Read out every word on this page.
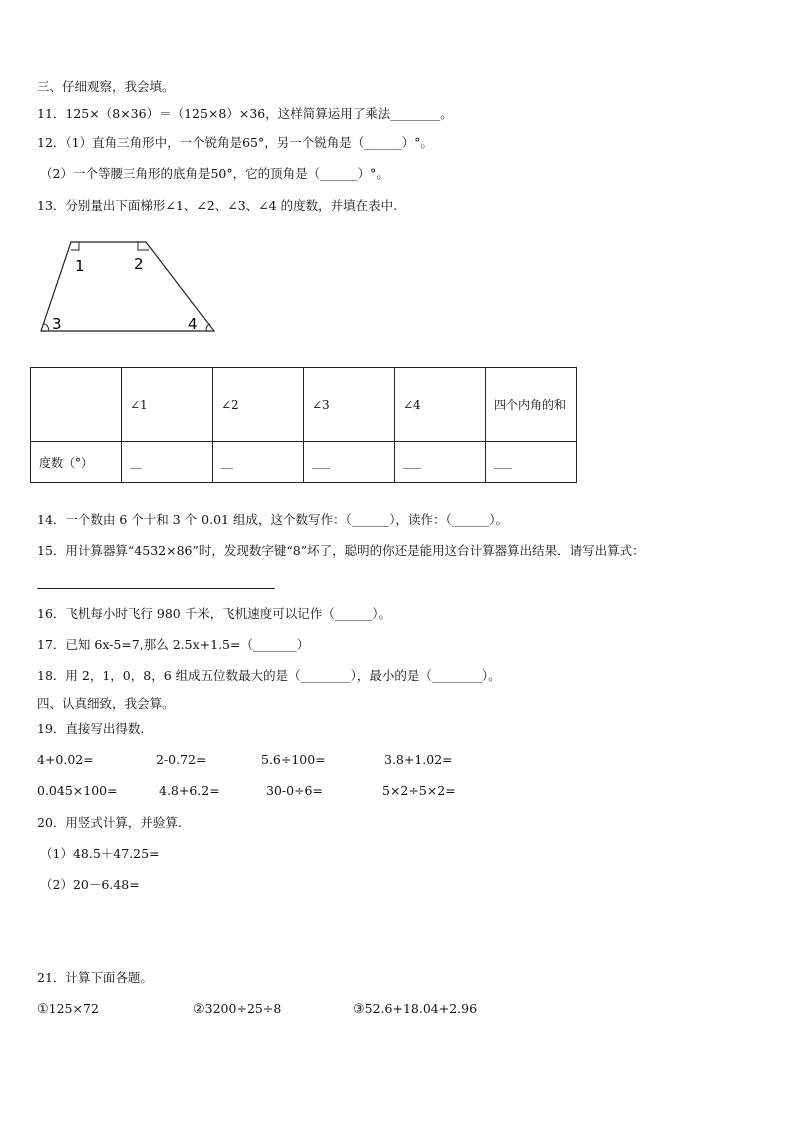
三、仔细观察，我会填。
11．125×（8×36）＝（125×8）×36，这样简算运用了乘法________。
12．（1）直角三角形中，一个锐角是65°，另一个锐角是（______）°。
（2）一个等腰三角形的底角是50°，它的顶角是（______）°。
13．分别量出下面梯形∠1、∠2、∠3、∠4 的度数，并填在表中.
1	2
3	4
	∠1	∠2	∠3	∠4	四个内角的和
度数（°）	__	__	___	___	___
14．一个数由 6 个十和 3 个 0.01 组成，这个数写作：（______），读作：（______）。
15．用计算器算“4532×86”时，发现数字键“8”坏了，聪明的你还是能用这台计算器算出结果．请写出算式：
16．飞机每小时飞行 980 千米，飞机速度可以记作（______）。
17．已知 6x-5=7,那么 2.5x+1.5=（_______）
18．用 2，1，0，8，6 组成五位数最大的是（________），最小的是（________）。
四、认真细致，我会算。
19．直接写出得数.
4+0.02=	2-0.72=	5.6÷100=	3.8+1.02=
0.045×100=	4.8+6.2=	30-0÷6=	5×2÷5×2=
20．用竖式计算，并验算.
（1）48.5＋47.25=
（2）20－6.48=
21．计算下面各题。
①125×72	②3200÷25÷8	③52.6+18.04+2.96
